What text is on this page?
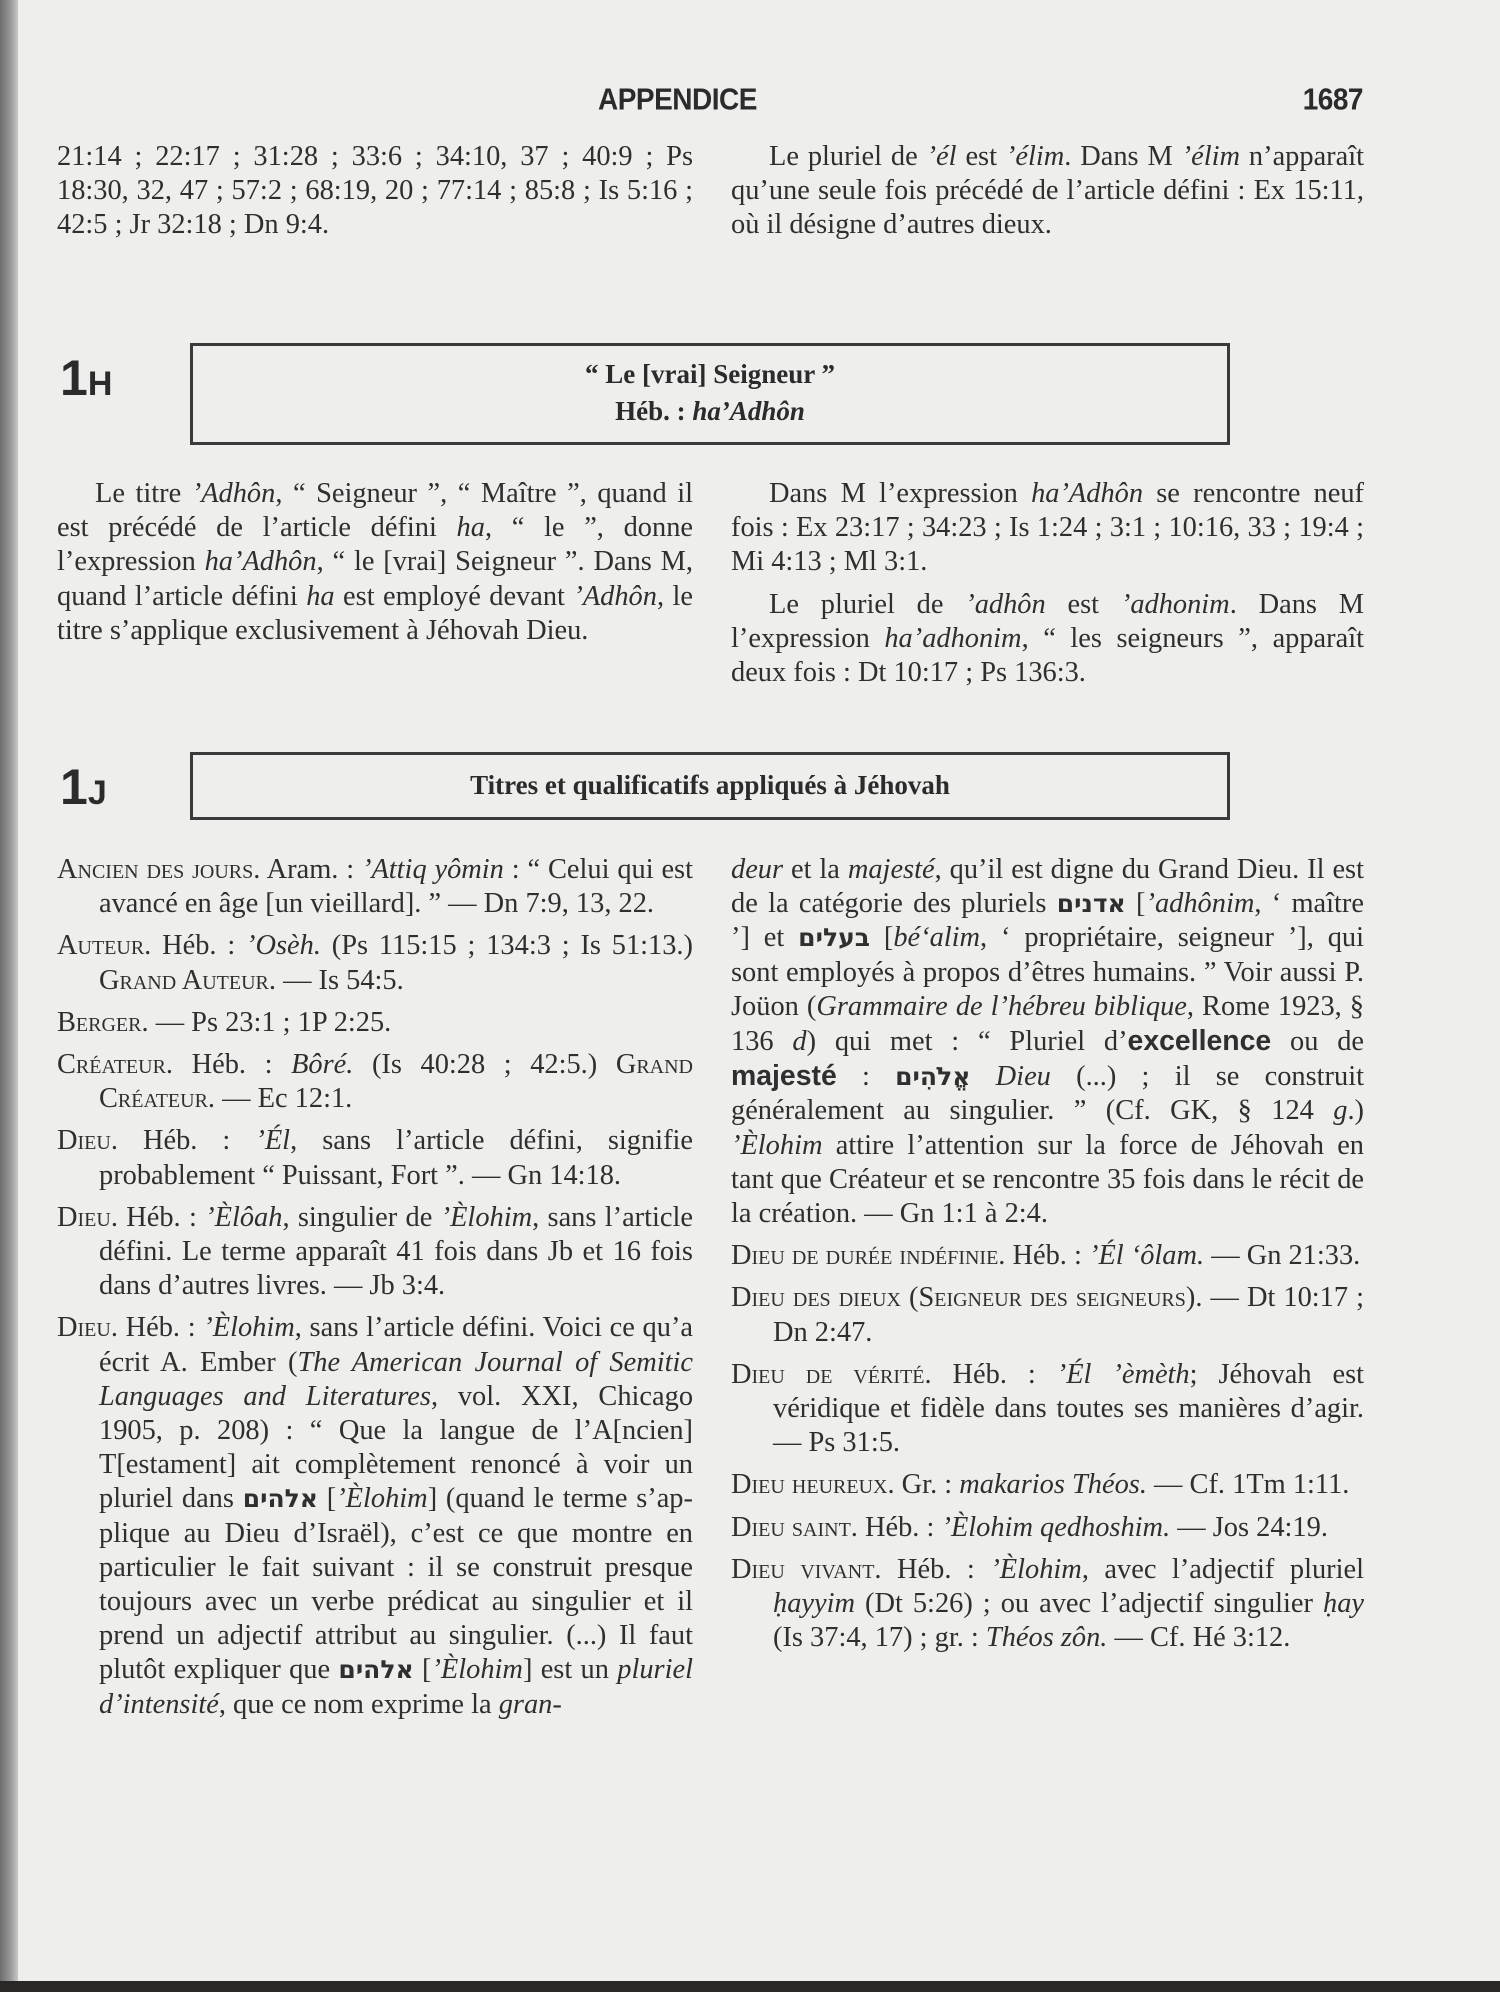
APPENDICE	1687

21:14 ; 22:17 ; 31:28 ; 33:6 ; 34:10, 37 ; 40:9 ; Ps 18:30, 32, 47 ; 57:2 ; 68:19, 20 ; 77:14 ; 85:8 ; Is 5:16 ; 42:5 ; Jr 32:18 ; Dn 9:4.

Le pluriel de ’él est ’élim. Dans M ’élim n’apparaît qu’une seule fois précédé de l’article défini : Ex 15:11, où il désigne d’autres dieux.

1H	“ Le [vrai] Seigneur ”
Héb. : ha’Adhôn

Le titre ’Adhôn, “ Seigneur ”, “ Maître ”, quand il est précédé de l’article défini ha, “ le ”, donne l’expression ha’Adhôn, “ le [vrai] Seigneur ”. Dans M, quand l’article défini ha est employé devant ’Adhôn, le titre s’applique exclusivement à Jéhovah Dieu.

Dans M l’expression ha’Adhôn se rencontre neuf fois : Ex 23:17 ; 34:23 ; Is 1:24 ; 3:1 ; 10:16, 33 ; 19:4 ; Mi 4:13 ; Ml 3:1.

Le pluriel de ’adhôn est ’adhonim. Dans M l’expression ha’adhonim, “ les seigneurs ”, apparaît deux fois : Dt 10:17 ; Ps 136:3.

1J	Titres et qualificatifs appliqués à Jéhovah

Ancien des jours. Aram. : ’Attiq yômin : “ Celui qui est avancé en âge [un vieillard]. ” — Dn 7:9, 13, 22.

Auteur. Héb. : ’Osèh. (Ps 115:15 ; 134:3 ; Is 51:13.) Grand Auteur. — Is 54:5.

Berger. — Ps 23:1 ; 1P 2:25.

Créateur. Héb. : Bôré. (Is 40:28 ; 42:5.) Grand Créateur. — Ec 12:1.

Dieu. Héb. : ’Él, sans l’article défini, signifie probablement “ Puissant, Fort ”. — Gn 14:18.

Dieu. Héb. : ’Èlôah, singulier de ’Èlohim, sans l’article défini. Le terme apparaît 41 fois dans Jb et 16 fois dans d’autres livres. — Jb 3:4.

Dieu. Héb. : ’Èlohim, sans l’article défini. Voici ce qu’a écrit A. Ember (The American Journal of Semitic Languages and Literatures, vol. XXI, Chicago 1905, p. 208) : “ Que la langue de l’A[ncien] T[estament] ait complètement renoncé à voir un pluriel dans אלהים [’Èlohim] (quand le terme s’applique au Dieu d’Israël), c’est ce que montre en particulier le fait suivant : il se construit presque toujours avec un verbe prédicat au singulier et il prend un adjectif attribut au singulier. (...) Il faut plutôt expliquer que אלהים [’Èlohim] est un pluriel d’intensité, que ce nom exprime la gran-

deur et la majesté, qu’il est digne du Grand Dieu. Il est de la catégorie des pluriels אדנים [’adhônim, ‘ maître ’] et בעלים [bé‘alim, ‘ propriétaire, seigneur ’], qui sont employés à propos d’êtres humains. ” Voir aussi P. Joüon (Grammaire de l’hébreu biblique, Rome 1923, § 136 d) qui met : “ Pluriel d’excellence ou de majesté : אֱלֹהִים Dieu (...) ; il se construit généralement au singulier. ” (Cf. GK, § 124 g.) ’Èlohim attire l’attention sur la force de Jéhovah en tant que Créateur et se rencontre 35 fois dans le récit de la création. — Gn 1:1 à 2:4.

Dieu de durée indéfinie. Héb. : ’Él ‘ôlam. — Gn 21:33.

Dieu des dieux (Seigneur des seigneurs). — Dt 10:17 ; Dn 2:47.

Dieu de vérité. Héb. : ’Él ’èmèth; Jéhovah est véridique et fidèle dans toutes ses manières d’agir. — Ps 31:5.

Dieu heureux. Gr. : makarios Théos. — Cf. 1Tm 1:11.

Dieu saint. Héb. : ’Èlohim qedhoshim. — Jos 24:19.

Dieu vivant. Héb. : ’Èlohim, avec l’adjectif pluriel ḥayyim (Dt 5:26) ; ou avec l’adjectif singulier ḥay (Is 37:4, 17) ; gr. : Théos zôn. — Cf. Hé 3:12.
